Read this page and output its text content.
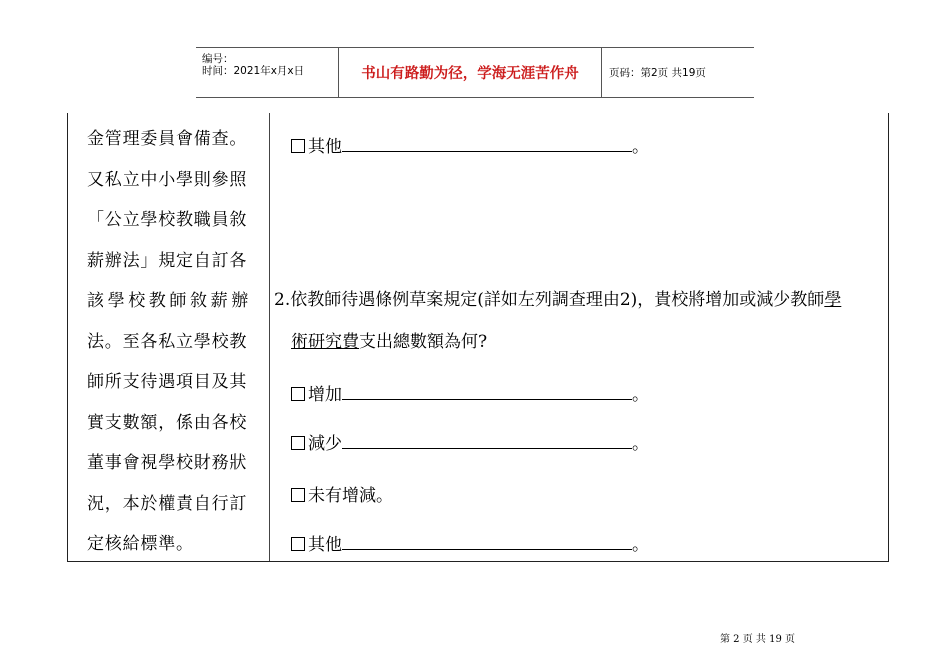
编号：
时间：2021年x月x日	书山有路勤为径，学海无涯苦作舟	页码：第2页 共19页
金管理委員會備查。
又私立中小學則參照
「公立學校教職員敘
薪辦法」規定自訂各
該學校教師敘薪辦
法。至各私立學校教
師所支待遇項目及其
實支數額，係由各校
董事會視學校財務狀
況，本於權責自行訂
定核給標準。
其他	。
2.依教師待遇條例草案規定(詳如左列調查理由2)，貴校將增加或減少教師學
術研究費支出總數額為何?
增加	。
減少	。
未有增減。
其他	。
第 2 页 共 19 页
